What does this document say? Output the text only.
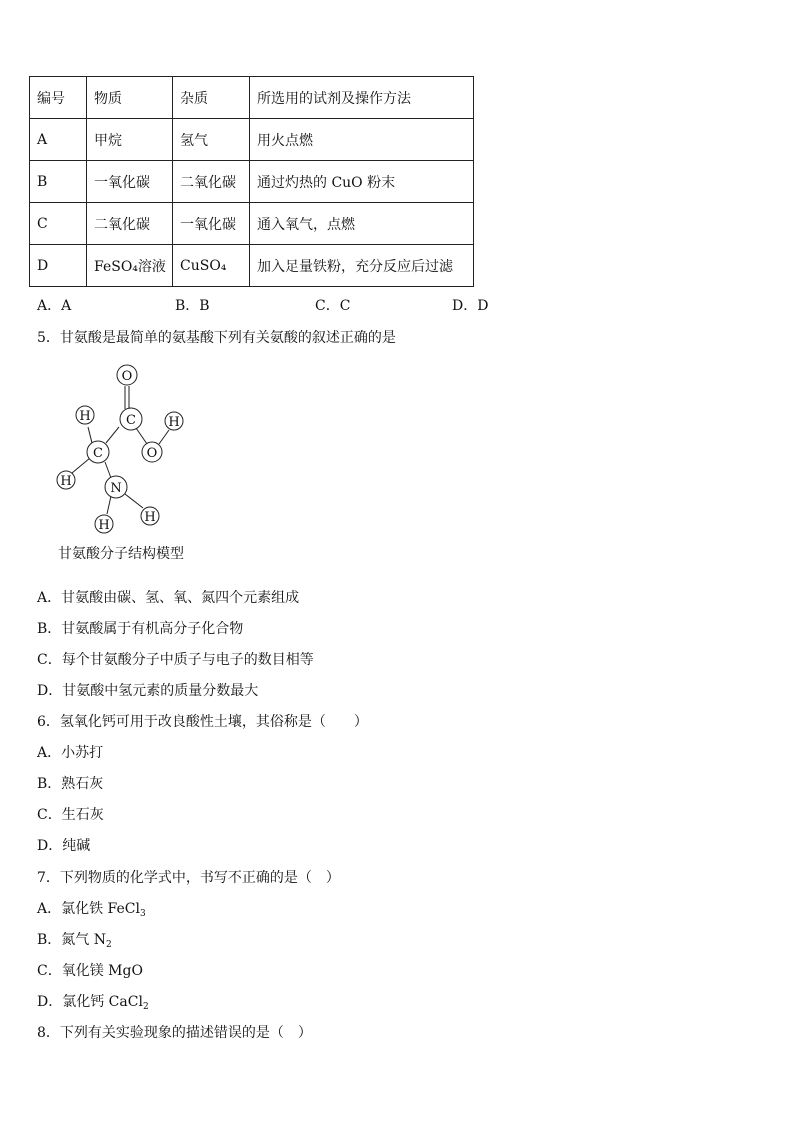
编号	物质	杂质	所选用的试剂及操作方法
A	甲烷	氢气	用火点燃
B	一氧化碳	二氧化碳	通过灼热的 CuO 粉末
C	二氧化碳	一氧化碳	通入氧气，点燃
D	FeSO₄溶液	CuSO₄	加入足量铁粉，充分反应后过滤
A．A	B．B	C．C	D．D
5．甘氨酸是最简单的氨基酸下列有关氨酸的叙述正确的是
O
H	C H
C	O
H	N
H
H
甘氨酸分子结构模型
A．甘氨酸由碳、氢、氧、氮四个元素组成
B．甘氨酸属于有机高分子化合物
C．每个甘氨酸分子中质子与电子的数目相等
D．甘氨酸中氢元素的质量分数最大
6．氢氧化钙可用于改良酸性土壤，其俗称是（　　）
A．小苏打
B．熟石灰
C．生石灰
D．纯碱
7．下列物质的化学式中，书写不正确的是（　）
A．氯化铁 FeCl$_3$
B．氮气 $N_2$
C．氧化镁 MgO
D．氯化钙 CaCl$_2$
8．下列有关实验现象的描述错误的是（　）
